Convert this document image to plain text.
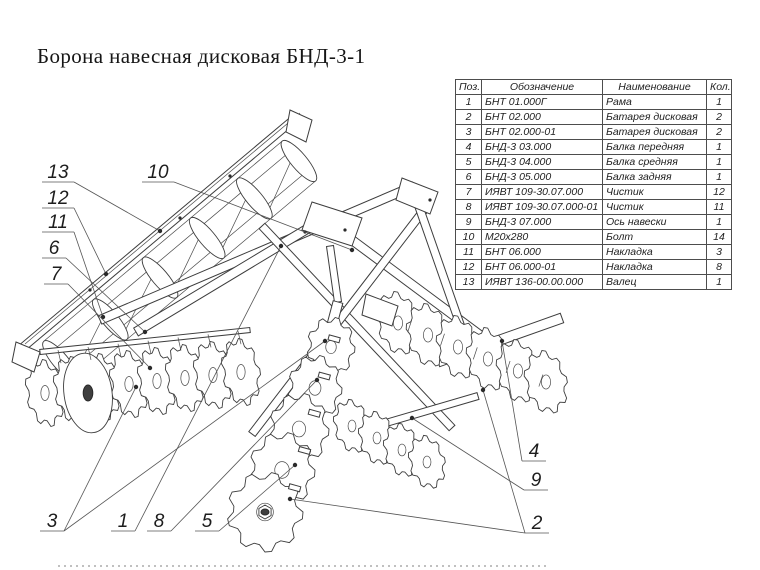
Борона навесная дисковая БНД-3-1
13
12
11
6
7
10
3	1 8 5
4
9
2
Поз.	Обозначение	Наименование	Кол.
1	БНТ 01.000Г	Рама	1
2	БНТ 02.000	Батарея дисковая	2
3	БНТ 02.000-01	Батарея дисковая	2
4	БНД-3 03.000	Балка передняя	1
5	БНД-3 04.000	Балка средняя	1
6	БНД-3 05.000	Балка задняя	1
7	ИЯВТ 109-30.07.000	Чистик	12
8	ИЯВТ 109-30.07.000-01	Чистик	11
9	БНД-3 07.000	Ось навески	1
10	М20х280	Болт	14
11	БНТ 06.000	Накладка	3
12	БНТ 06.000-01	Накладка	8
13	ИЯВТ 136-00.00.000	Валец	1
